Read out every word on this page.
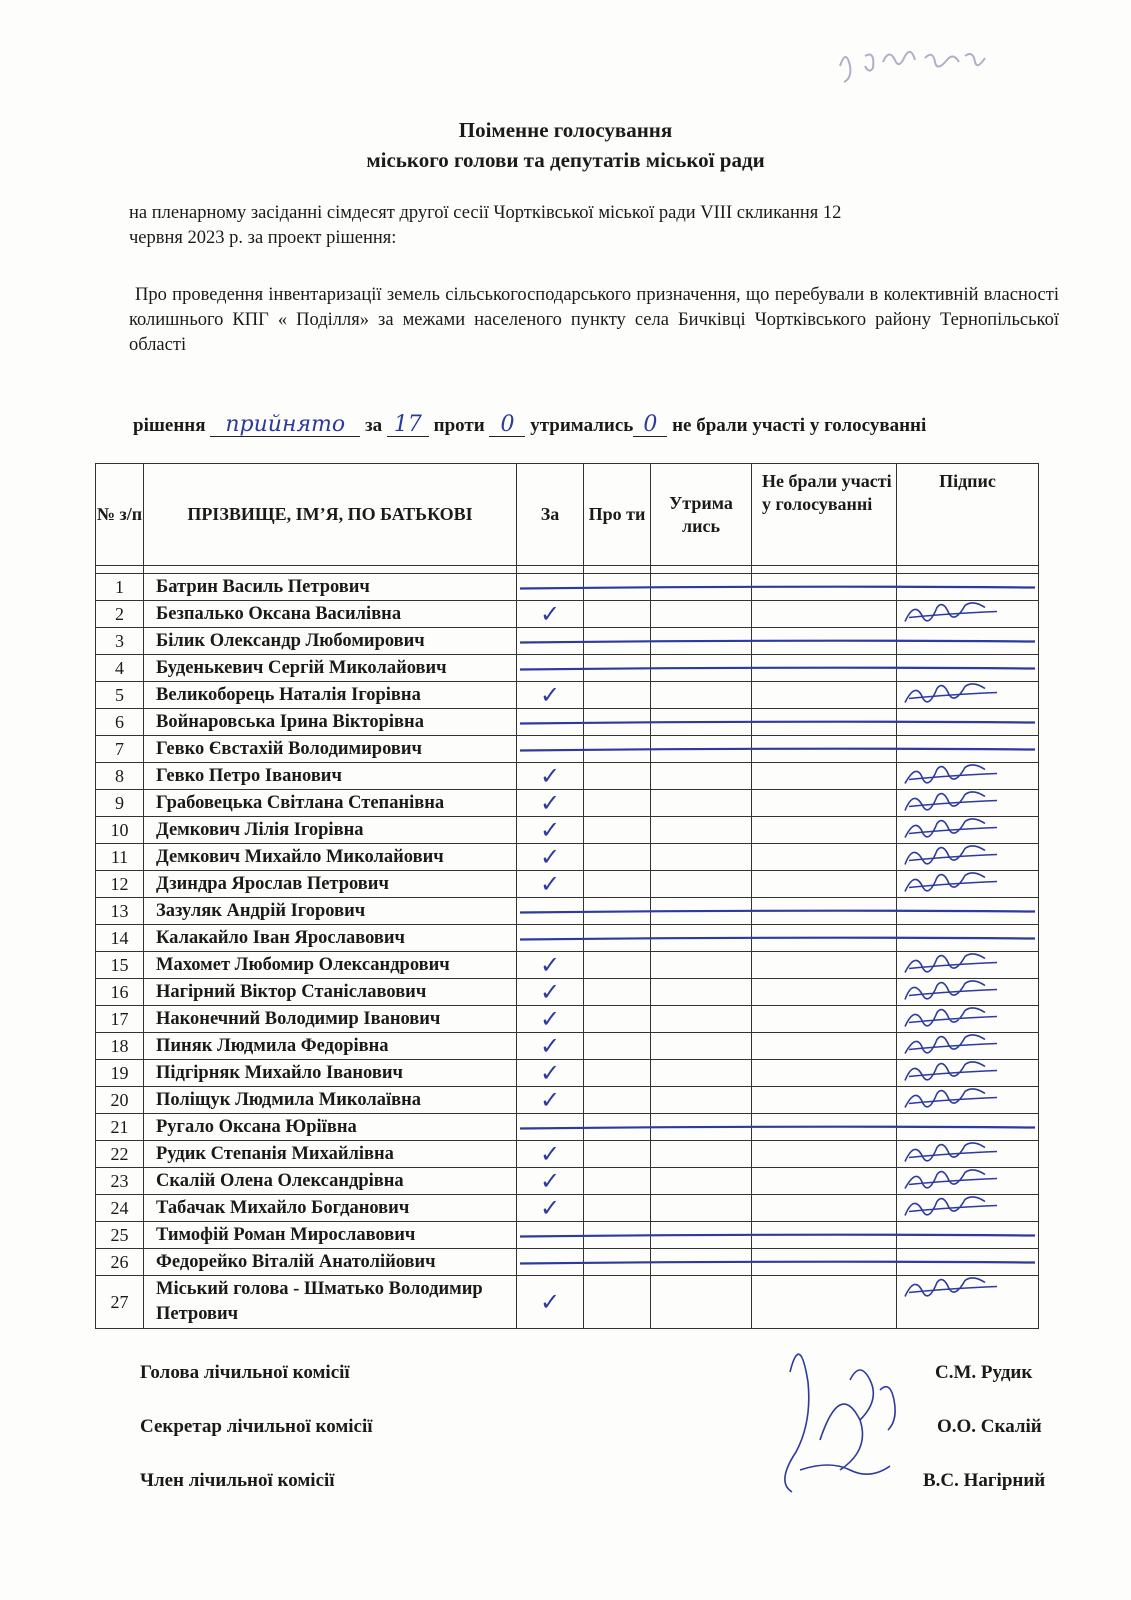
Поіменне голосування
міського голови та депутатів міської ради
на пленарному засіданні сімдесят другої сесії Чортківської міської ради VIII скликання 12
червня 2023 р. за проект рішення:
Про проведення інвентаризації земель сільськогосподарського призначення, що перебували в колективній власності колишнього КПГ « Поділля» за межами населеного пункту села Бичківці Чортківського району Тернопільської області
рішення прийнято	за 17 проти 0 утримались 0 не брали участі у голосуванні
№ з/п	ПРІЗВИЩЕ, ІМ’Я, ПО БАТЬКОВІ	За	Про ти	Утрима лись	Не брали участі у голосуванні	Підпис

1	Батрин Василь Петрович					
2	Безпалько Оксана Василівна	✓				

3	Білик Олександр Любомирович					
4	Буденькевич Сергій Миколайович					
5	Великоборець Наталія Ігорівна	✓				

6	Войнаровська Ірина Вікторівна					
7	Гевко Євстахій Володимирович					
8	Гевко Петро Іванович	✓				

9	Грабовецька Світлана Степанівна	✓				

10	Демкович Лілія Ігорівна	✓				

11	Демкович Михайло Миколайович	✓				

12	Дзиндра Ярослав Петрович	✓				

13	Зазуляк Андрій Ігорович					
14	Калакайло Іван Ярославович					
15	Махомет Любомир Олександрович	✓				

16	Нагірний Віктор Станіславович	✓				

17	Наконечний Володимир Іванович	✓				

18	Пиняк Людмила Федорівна	✓				

19	Підгірняк Михайло Іванович	✓				

20	Поліщук Людмила Миколаївна	✓				

21	Ругало Оксана Юріївна					
22	Рудик Степанія Михайлівна	✓				

23	Скалій Олена Олександрівна	✓				

24	Табачак Михайло Богданович	✓				

25	Тимофій Роман Мирославович					
26	Федорейко Віталій Анатолійович					
27	Міський голова - Шматько Володимир Петрович	✓				

Голова лічильної комісії	С.М. Рудик
Секретар лічильної комісії	О.О. Скалій
Член лічильної комісії	В.С. Нагірний
